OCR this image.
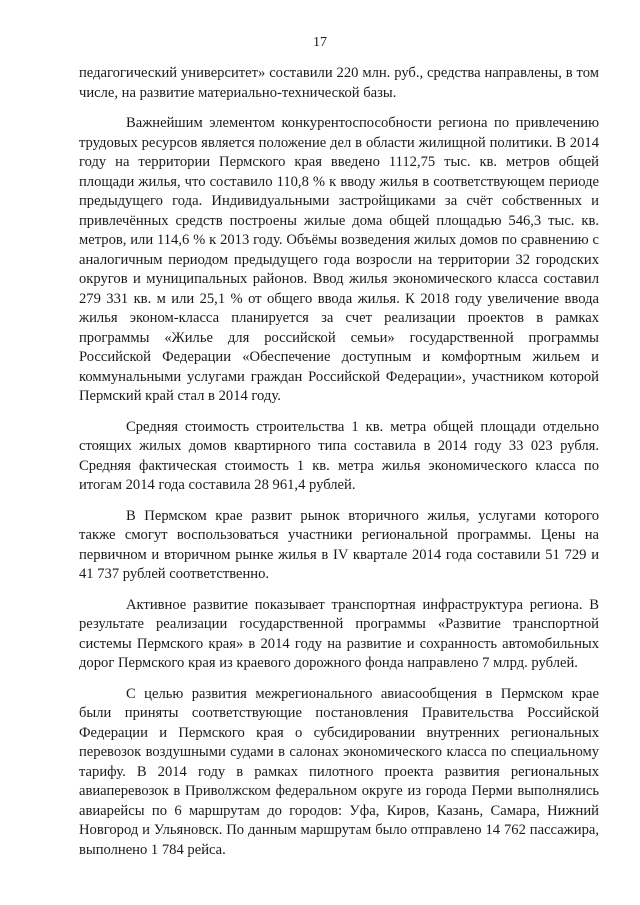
17

педагогический университет» составили 220 млн. руб., средства направлены, в том числе, на развитие материально-технической базы.

Важнейшим элементом конкурентоспособности региона по привлечению трудовых ресурсов является положение дел в области жилищной политики. В 2014 году на территории Пермского края введено 1112,75 тыс. кв. метров общей площади жилья, что составило 110,8 % к вводу жилья в соответствующем периоде предыдущего года. Индивидуальными застройщиками за счёт собственных и привлечённых средств построены жилые дома общей площадью 546,3 тыс. кв. метров, или 114,6 % к 2013 году. Объёмы возведения жилых домов по сравнению с аналогичным периодом предыдущего года возросли на территории 32 городских округов и муниципальных районов. Ввод жилья экономического класса составил 279 331 кв. м или 25,1 % от общего ввода жилья. К 2018 году увеличение ввода жилья эконом-класса планируется за счет реализации проектов в рамках программы «Жилье для российской семьи» государственной программы Российской Федерации «Обеспечение доступным и комфортным жильем и коммунальными услугами граждан Российской Федерации», участником которой Пермский край стал в 2014 году.

Средняя стоимость строительства 1 кв. метра общей площади отдельно стоящих жилых домов квартирного типа составила в 2014 году 33 023 рубля. Средняя фактическая стоимость 1 кв. метра жилья экономического класса по итогам 2014 года составила 28 961,4 рублей.

В Пермском крае развит рынок вторичного жилья, услугами которого также смогут воспользоваться участники региональной программы. Цены на первичном и вторичном рынке жилья в IV квартале 2014 года составили 51 729 и 41 737 рублей соответственно.

Активное развитие показывает транспортная инфраструктура региона. В результате реализации государственной программы «Развитие транспортной системы Пермского края» в 2014 году на развитие и сохранность автомобильных дорог Пермского края из краевого дорожного фонда направлено 7 млрд. рублей.

С целью развития межрегионального авиасообщения в Пермском крае были приняты соответствующие постановления Правительства Российской Федерации и Пермского края о субсидировании внутренних региональных перевозок воздушными судами в салонах экономического класса по специальному тарифу. В 2014 году в рамках пилотного проекта развития региональных авиаперевозок в Приволжском федеральном округе из города Перми выполнялись авиарейсы по 6 маршрутам до городов: Уфа, Киров, Казань, Самара, Нижний Новгород и Ульяновск. По данным маршрутам было отправлено 14 762 пассажира, выполнено 1 784 рейса.
